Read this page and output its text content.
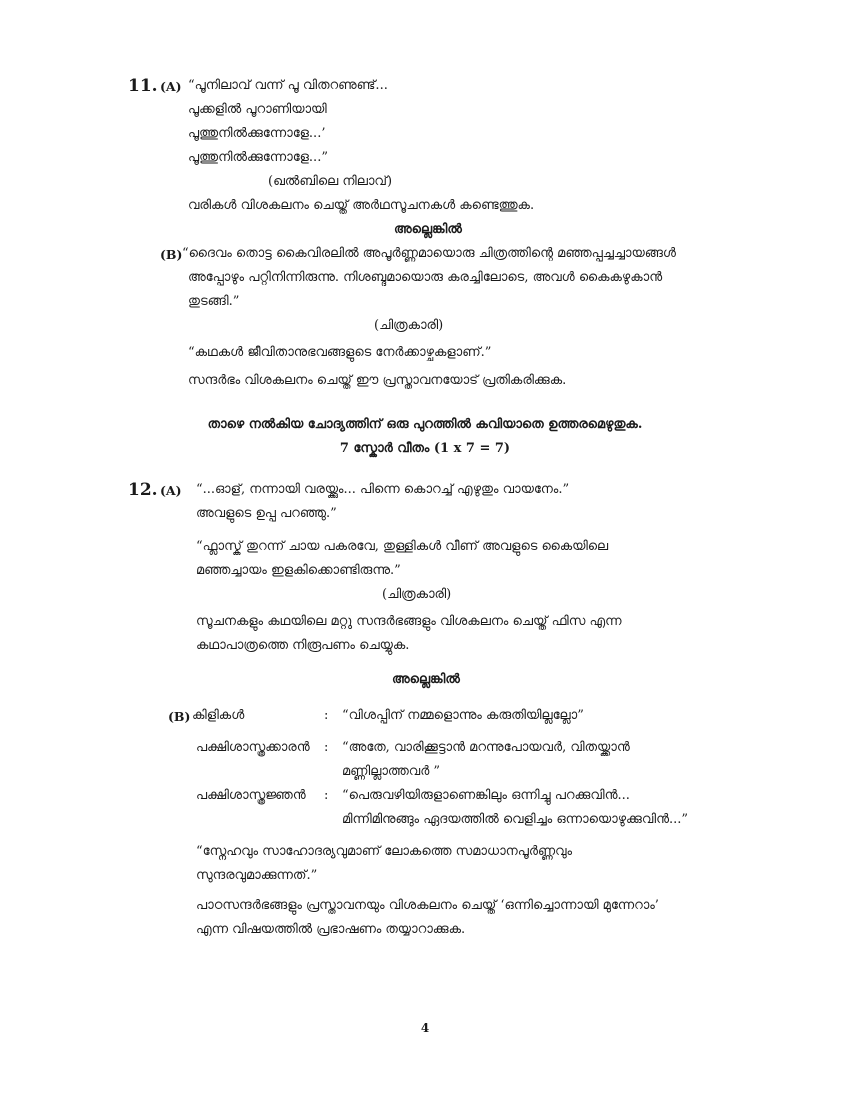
11. (A) “പൂനിലാവ് വന്ന് പൂ വിതറണുണ്ട്...
പൂക്കളിൽ പൂറാണിയായി
പൂത്തുനിൽക്കുന്നോളേ...’
പൂത്തുനിൽക്കുന്നോളേ...”
(ഖൽബിലെ നിലാവ്)
വരികൾ വിശകലനം ചെയ്ത് അർഥസൂചനകൾ കണ്ടെത്തുക.
അല്ലെങ്കിൽ
(B) “ദൈവം തൊട്ട കൈവിരലിൽ അപൂർണ്ണമായൊരു ചിത്രത്തിന്റെ മഞ്ഞപ്പച്ചച്ചായങ്ങൾ
അപ്പോഴും പറ്റിനിന്നിരുന്നു. നിശബ്ദമായൊരു കരച്ചിലോടെ, അവൾ കൈകഴുകാൻ
തുടങ്ങി.”
(ചിത്രകാരി)
“കഥകൾ ജീവിതാനുഭവങ്ങളുടെ നേർക്കാഴ്ചകളാണ്.”
സന്ദർഭം വിശകലനം ചെയ്ത് ഈ പ്രസ്താവനയോട് പ്രതികരിക്കുക.
താഴെ നൽകിയ ചോദ്യത്തിന് ഒരു പുറത്തിൽ കവിയാതെ ഉത്തരമെഴുതുക.
7 സ്കോർ വീതം (1 x 7 = 7)
12. (A) “...ഓള്, നന്നായി വരയ്ക്കും... പിന്നെ കൊറച്ച് എഴുതും വായനേം.”
അവളുടെ ഉപ്പ പറഞ്ഞു.”
“ഫ്ലാസ്ക് തുറന്ന് ചായ പകരവേ, തുള്ളികൾ വീണ് അവളുടെ കൈയിലെ
മഞ്ഞച്ചായം ഇളകിക്കൊണ്ടിരുന്നു.”
(ചിത്രകാരി)
സൂചനകളും കഥയിലെ മറ്റു സന്ദർഭങ്ങളും വിശകലനം ചെയ്ത് ഫിസ എന്ന
കഥാപാത്രത്തെ നിരൂപണം ചെയ്യുക.
അല്ലെങ്കിൽ
(B) കിളികൾ	: “വിശപ്പിന് നമ്മളൊന്നും കരുതിയില്ലല്ലോ”
പക്ഷിശാസ്ത്രക്കാരൻ : “അതേ, വാരിക്കൂട്ടാൻ മറന്നുപോയവർ, വിതയ്ക്കാൻ
മണ്ണില്ലാത്തവർ ”
പക്ഷിശാസ്ത്രജ്ഞൻ : “പെരുവഴിയിരുളാണെങ്കിലും ഒന്നിച്ചു പറക്കുവിൻ...
മിന്നിമിനുങ്ങും ഏദയത്തിൽ വെളിച്ചം ഒന്നായൊഴുക്കുവിൻ...”
“സ്നേഹവും സാഹോദര്യവുമാണ് ലോകത്തെ സമാധാനപൂർണ്ണവും
സുന്ദരവുമാക്കുന്നത്.”
പാഠസന്ദർഭങ്ങളും പ്രസ്താവനയും വിശകലനം ചെയ്ത് ‘ഒന്നിച്ചൊന്നായി മുന്നേറാം’
എന്ന വിഷയത്തിൽ പ്രഭാഷണം തയ്യാറാക്കുക.
4
